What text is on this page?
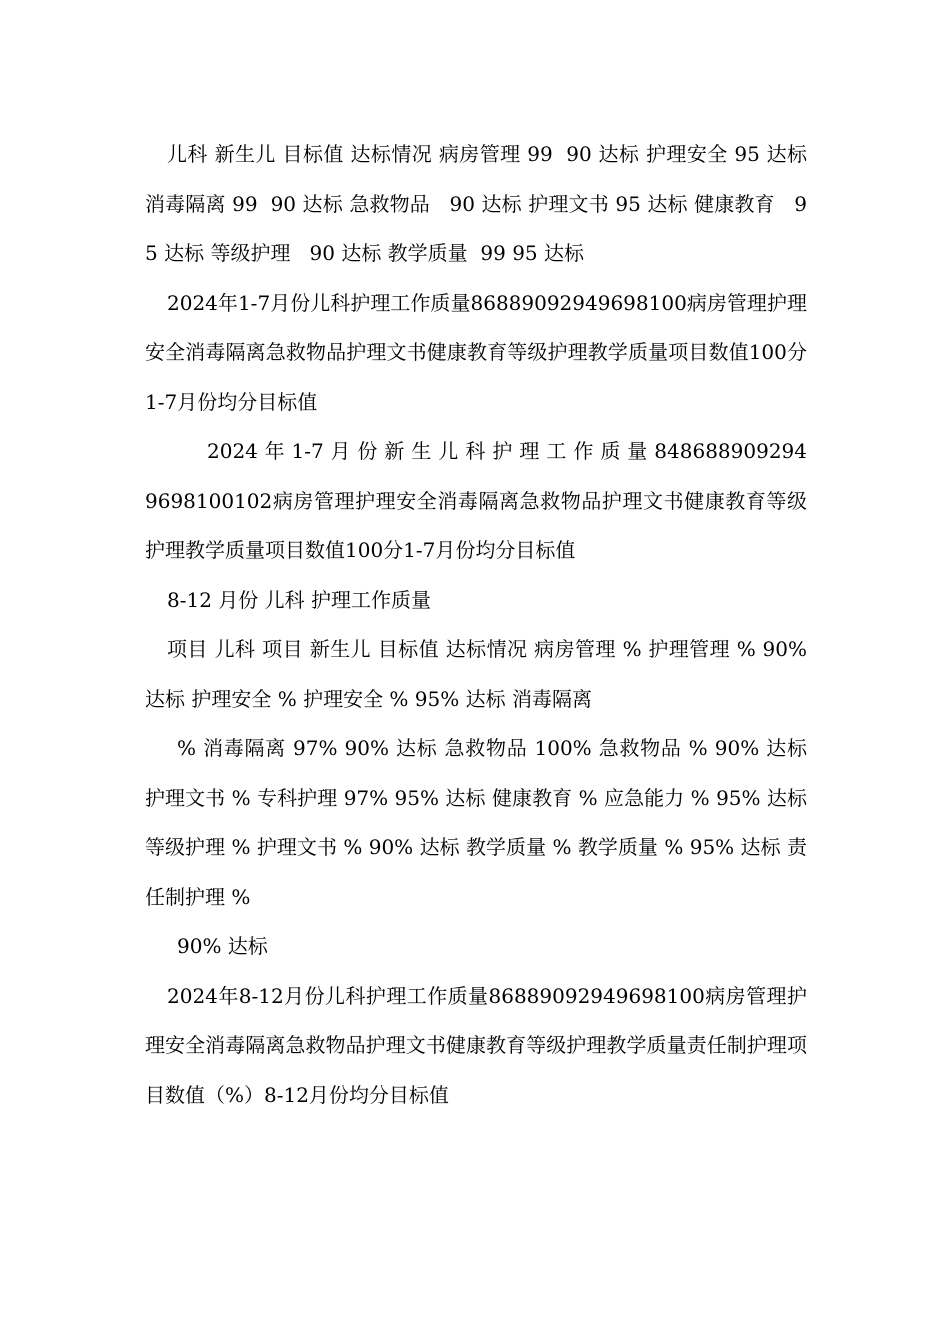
儿科 新生儿 目标值 达标情况 病房管理 99  90 达标 护理安全 95 达标 消毒隔离 99  90 达标 急救物品   90 达标 护理文书 95 达标 健康教育   95 达标 等级护理   90 达标 教学质量  99 95 达标

2024年1-7月份儿科护理工作质量86889092949698100病房管理护理安全消毒隔离急救物品护理文书健康教育等级护理教学质量项目数值100分1-7月份均分目标值

2024 年 1-7 月 份 新 生 儿 科 护 理 工 作 质 量 848688909294969810​0102病房管理护理安全消毒隔离急救物品护理文书健康教育等级护理教学质量项目数值100分1-7月份均分目标值

8-12 月份 儿科 护理工作质量

项目 儿科 项目 新生儿 目标值 达标情况 病房管理 % 护理管理 % 90% 达标 护理安全 % 护理安全 % 95% 达标 消毒隔离

% 消毒隔离 97% 90% 达标 急救物品 100% 急救物品 % 90% 达标 护理文书 % 专科护理 97% 95% 达标 健康教育 % 应急能力 % 95% 达标 等级护理 % 护理文书 % 90% 达标 教学质量 % 教学质量 % 95% 达标 责任制护理 %

90% 达标

2024年8-12月份儿科护理工作质量86889092949698100病房管理护理安全消毒隔离急救物品护理文书健康教育等级护理教学质量责任制护理项目数值（%）8-12月份均分目标值
